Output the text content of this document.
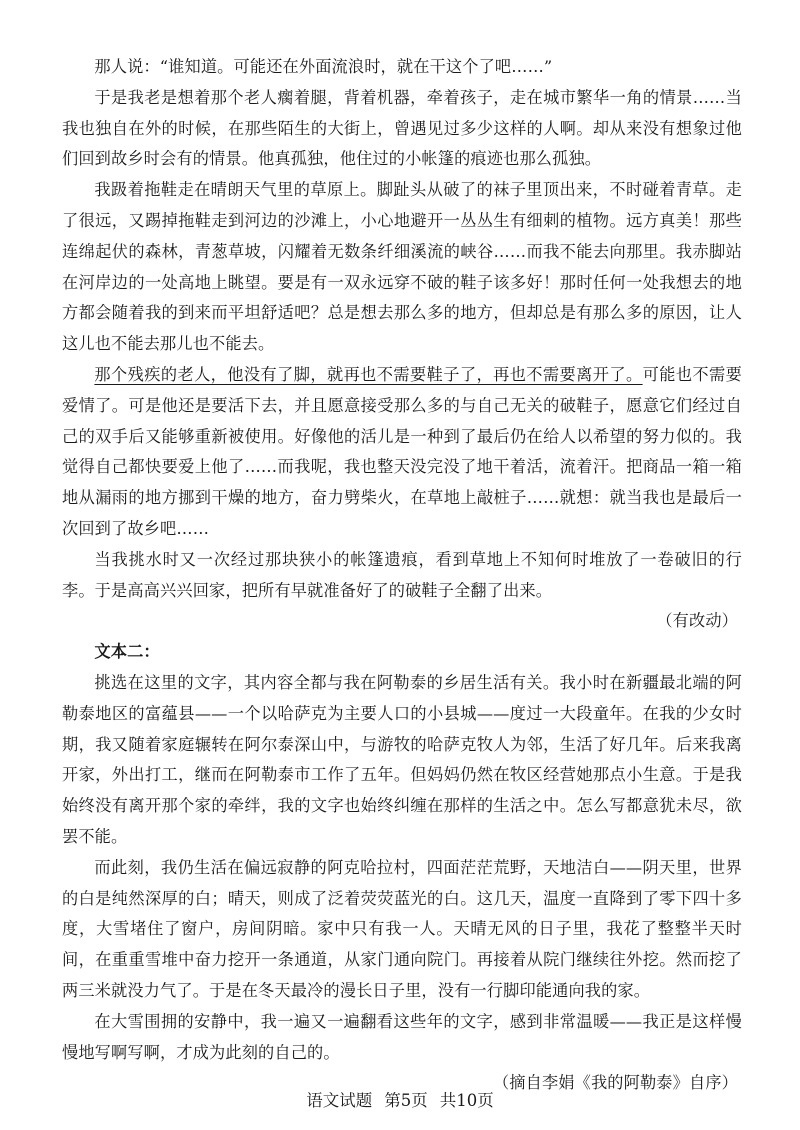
那人说：“谁知道。可能还在外面流浪时，就在干这个了吧……”

于是我老是想着那个老人瘸着腿，背着机器，牵着孩子，走在城市繁华一角的情景……当我也独自在外的时候，在那些陌生的大街上，曾遇见过多少这样的人啊。却从来没有想象过他们回到故乡时会有的情景。他真孤独，他住过的小帐篷的痕迹也那么孤独。

我趿着拖鞋走在晴朗天气里的草原上。脚趾头从破了的袜子里顶出来，不时碰着青草。走了很远，又踢掉拖鞋走到河边的沙滩上，小心地避开一丛丛生有细刺的植物。远方真美！那些连绵起伏的森林，青葱草坡，闪耀着无数条纤细溪流的峡谷……而我不能去向那里。我赤脚站在河岸边的一处高地上眺望。要是有一双永远穿不破的鞋子该多好！那时任何一处我想去的地方都会随着我的到来而平坦舒适吧？总是想去那么多的地方，但却总是有那么多的原因，让人这儿也不能去那儿也不能去。

那个残疾的老人，他没有了脚，就再也不需要鞋子了，再也不需要离开了。可能也不需要爱情了。可是他还是要活下去，并且愿意接受那么多的与自己无关的破鞋子，愿意它们经过自己的双手后又能够重新被使用。好像他的活儿是一种到了最后仍在给人以希望的努力似的。我觉得自己都快要爱上他了……而我呢，我也整天没完没了地干着活，流着汗。把商品一箱一箱地从漏雨的地方挪到干燥的地方，奋力劈柴火，在草地上敲桩子……就想：就当我也是最后一次回到了故乡吧……

当我挑水时又一次经过那块狭小的帐篷遗痕，看到草地上不知何时堆放了一卷破旧的行李。于是高高兴兴回家，把所有早就准备好了的破鞋子全翻了出来。

（有改动）

文本二：

挑选在这里的文字，其内容全都与我在阿勒泰的乡居生活有关。我小时在新疆最北端的阿勒泰地区的富蕴县——一个以哈萨克为主要人口的小县城——度过一大段童年。在我的少女时期，我又随着家庭辗转在阿尔泰深山中，与游牧的哈萨克牧人为邻，生活了好几年。后来我离开家，外出打工，继而在阿勒泰市工作了五年。但妈妈仍然在牧区经营她那点小生意。于是我始终没有离开那个家的牵绊，我的文字也始终纠缠在那样的生活之中。怎么写都意犹未尽，欲罢不能。

而此刻，我仍生活在偏远寂静的阿克哈拉村，四面茫茫荒野，天地洁白——阴天里，世界的白是纯然深厚的白；晴天，则成了泛着荧荧蓝光的白。这几天，温度一直降到了零下四十多度，大雪堵住了窗户，房间阴暗。家中只有我一人。天晴无风的日子里，我花了整整半天时间，在重重雪堆中奋力挖开一条通道，从家门通向院门。再接着从院门继续往外挖。然而挖了两三米就没力气了。于是在冬天最冷的漫长日子里，没有一行脚印能通向我的家。

在大雪围拥的安静中，我一遍又一遍翻看这些年的文字，感到非常温暖——我正是这样慢慢地写啊写啊，才成为此刻的自己的。

（摘自李娟《我的阿勒泰》自序）

语文试题 第5页 共10页
